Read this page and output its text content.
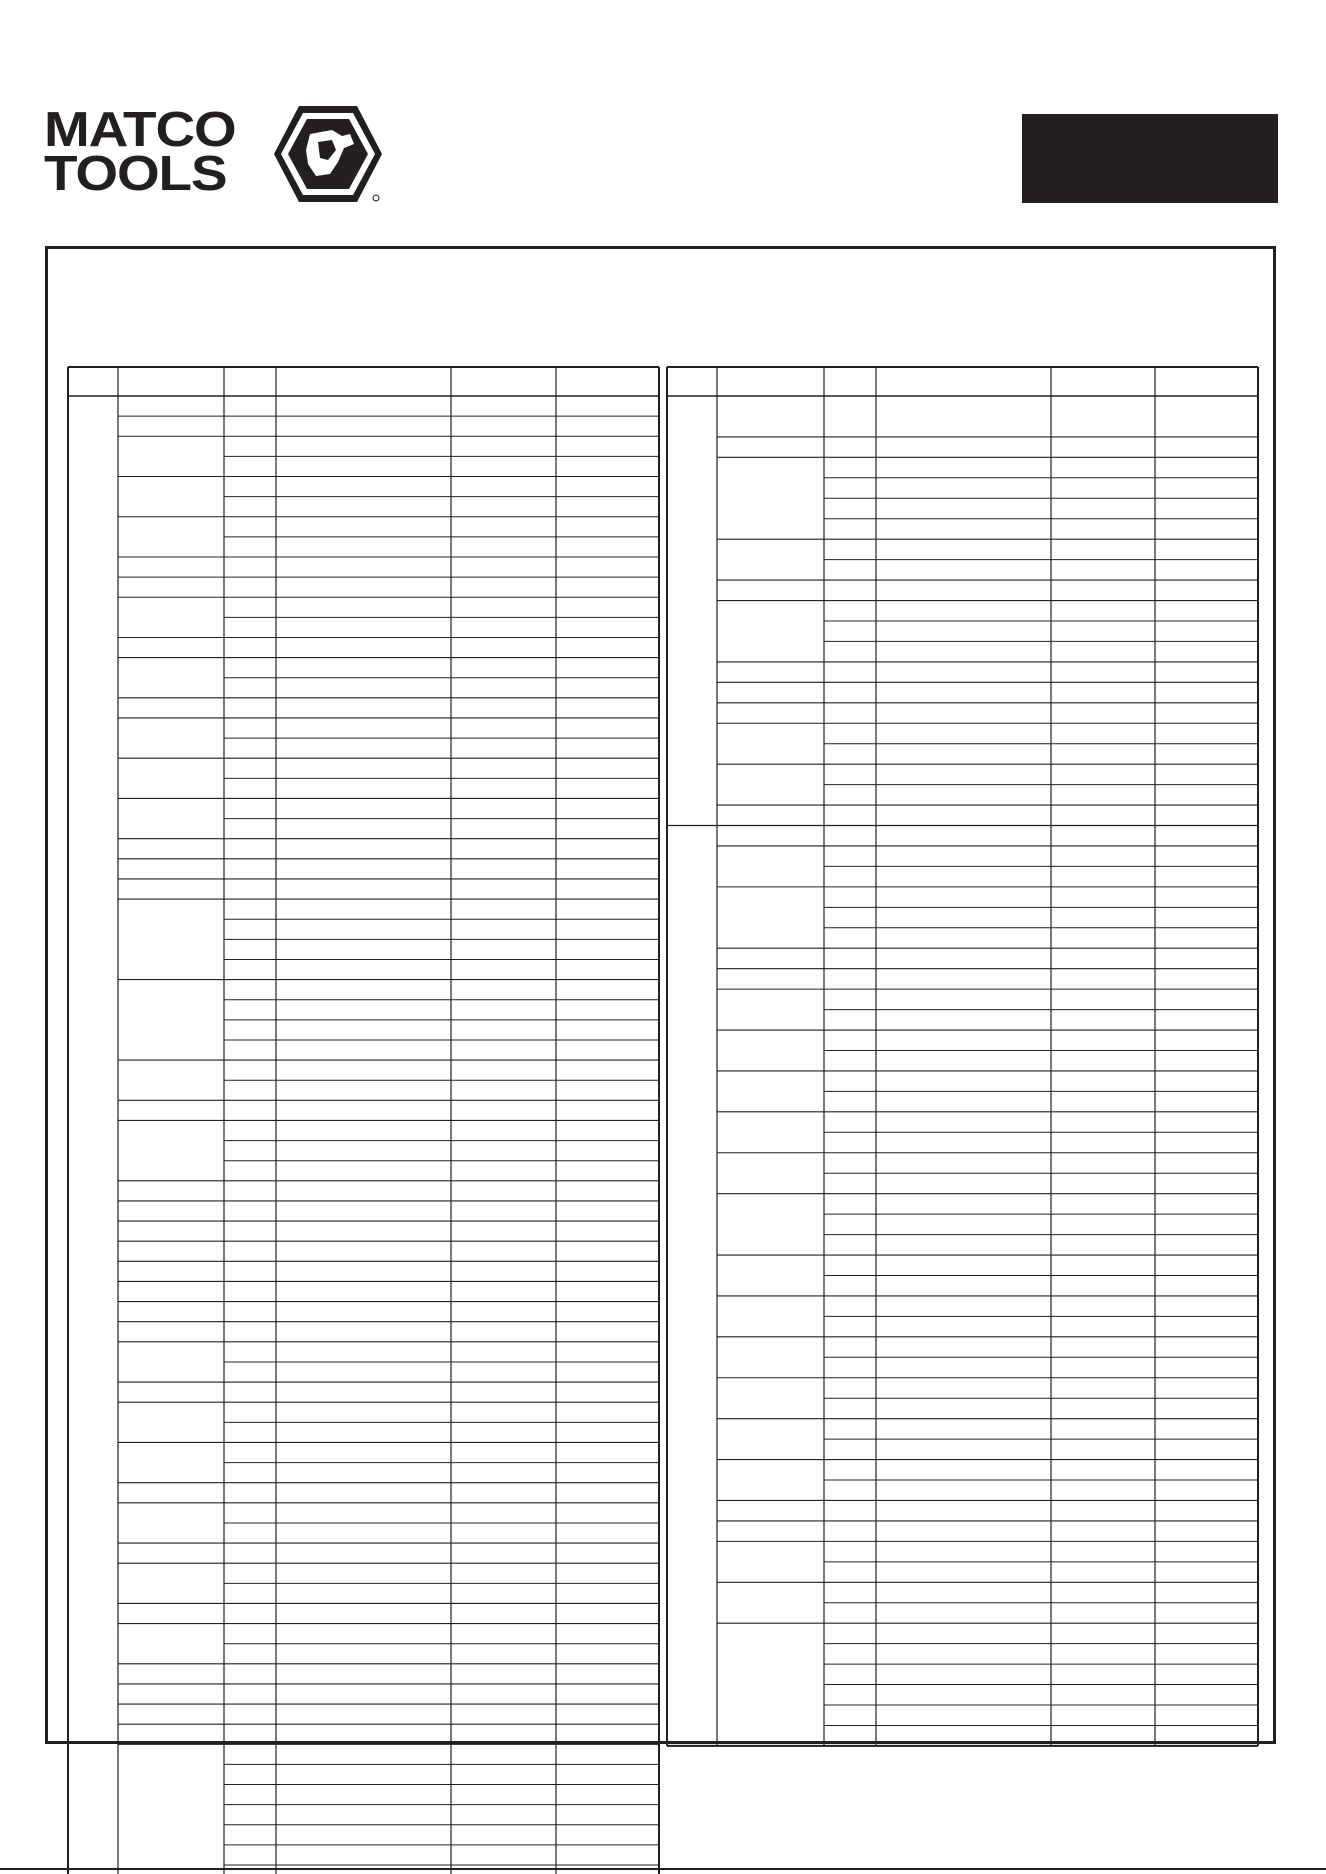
MATCO
TOOLS
